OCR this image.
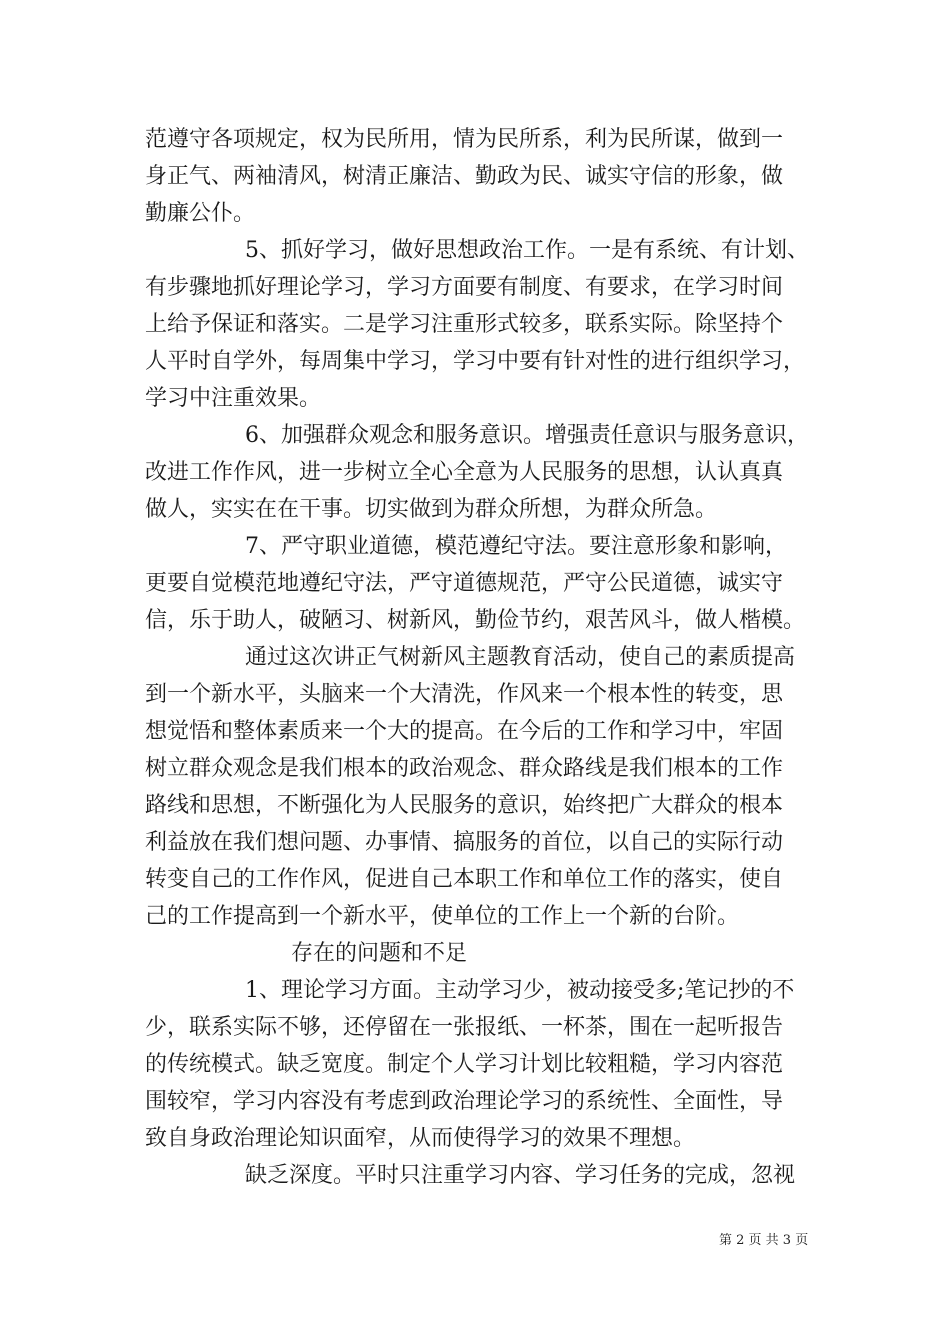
范遵守各项规定，权为民所用，情为民所系，利为民所谋，做到一
身正气、两袖清风，树清正廉洁、勤政为民、诚实守信的形象，做
勤廉公仆。
5、抓好学习，做好思想政治工作。一是有系统、有计划、
有步骤地抓好理论学习，学习方面要有制度、有要求，在学习时间
上给予保证和落实。二是学习注重形式较多，联系实际。除坚持个
人平时自学外，每周集中学习，学习中要有针对性的进行组织学习，
学习中注重效果。
6、加强群众观念和服务意识。增强责任意识与服务意识，
改进工作作风，进一步树立全心全意为人民服务的思想，认认真真
做人，实实在在干事。切实做到为群众所想，为群众所急。
7、严守职业道德，模范遵纪守法。要注意形象和影响，
更要自觉模范地遵纪守法，严守道德规范，严守公民道德，诚实守
信，乐于助人，破陋习、树新风，勤俭节约，艰苦风斗，做人楷模。
通过这次讲正气树新风主题教育活动，使自己的素质提高
到一个新水平，头脑来一个大清洗，作风来一个根本性的转变，思
想觉悟和整体素质来一个大的提高。在今后的工作和学习中，牢固
树立群众观念是我们根本的政治观念、群众路线是我们根本的工作
路线和思想，不断强化为人民服务的意识，始终把广大群众的根本
利益放在我们想问题、办事情、搞服务的首位，以自己的实际行动
转变自己的工作作风，促进自己本职工作和单位工作的落实，使自
己的工作提高到一个新水平，使单位的工作上一个新的台阶。
存在的问题和不足
1、理论学习方面。主动学习少，被动接受多;笔记抄的不
少，联系实际不够，还停留在一张报纸、一杯茶，围在一起听报告
的传统模式。缺乏宽度。制定个人学习计划比较粗糙，学习内容范
围较窄，学习内容没有考虑到政治理论学习的系统性、全面性，导
致自身政治理论知识面窄，从而使得学习的效果不理想。
缺乏深度。平时只注重学习内容、学习任务的完成，忽视
第 2 页 共 3 页
